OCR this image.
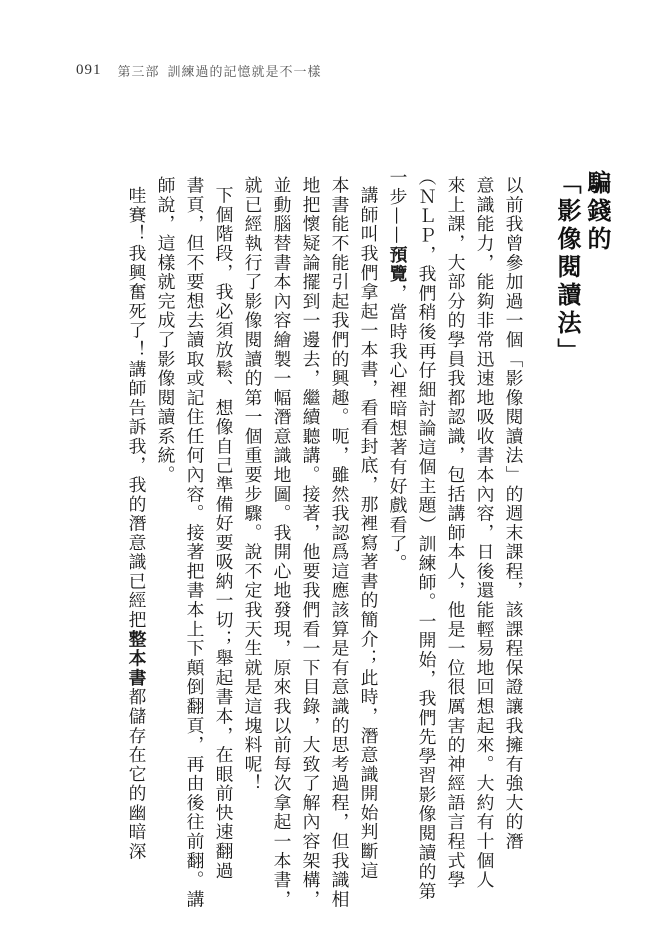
091 第三部 訓練過的記憶就是不一樣
騙錢的
「影像閱讀法」
以前我曾參加過一個「影像閱讀法」的週末課程，該課程保證讓我擁有強大的潛
意識能力，能夠非常迅速地吸收書本內容，日後還能輕易地回想起來。大約有十個人
來上課，大部分的學員我都認識，包括講師本人，他是一位很厲害的神經語言程式學
（ＮＬＰ，我們稍後再仔細討論這個主題）訓練師。一開始，我們先學習影像閱讀的第
一步——預覽，當時我心裡暗想著有好戲看了。
講師叫我們拿起一本書，看看封底，那裡寫著書的簡介；此時，潛意識開始判斷這
本書能不能引起我們的興趣。呃，雖然我認爲這應該算是有意識的思考過程，但我識相
地把懷疑論擺到一邊去，繼續聽講。接著，他要我們看一下目錄，大致了解內容架構，
並動腦替書本內容繪製一幅潛意識地圖。我開心地發現，原來我以前每次拿起一本書，
就已經執行了影像閱讀的第一個重要步驟。說不定我天生就是這塊料呢！
下個階段，我必須放鬆、想像自己準備好要吸納一切；舉起書本，在眼前快速翻過
書頁，但不要想去讀取或記住任何內容。接著把書本上下顛倒翻頁，再由後往前翻。講
師說，這樣就完成了影像閱讀系統。
哇賽！我興奮死了！講師告訴我，我的潛意識已經把整本書都儲存在它的幽暗深
